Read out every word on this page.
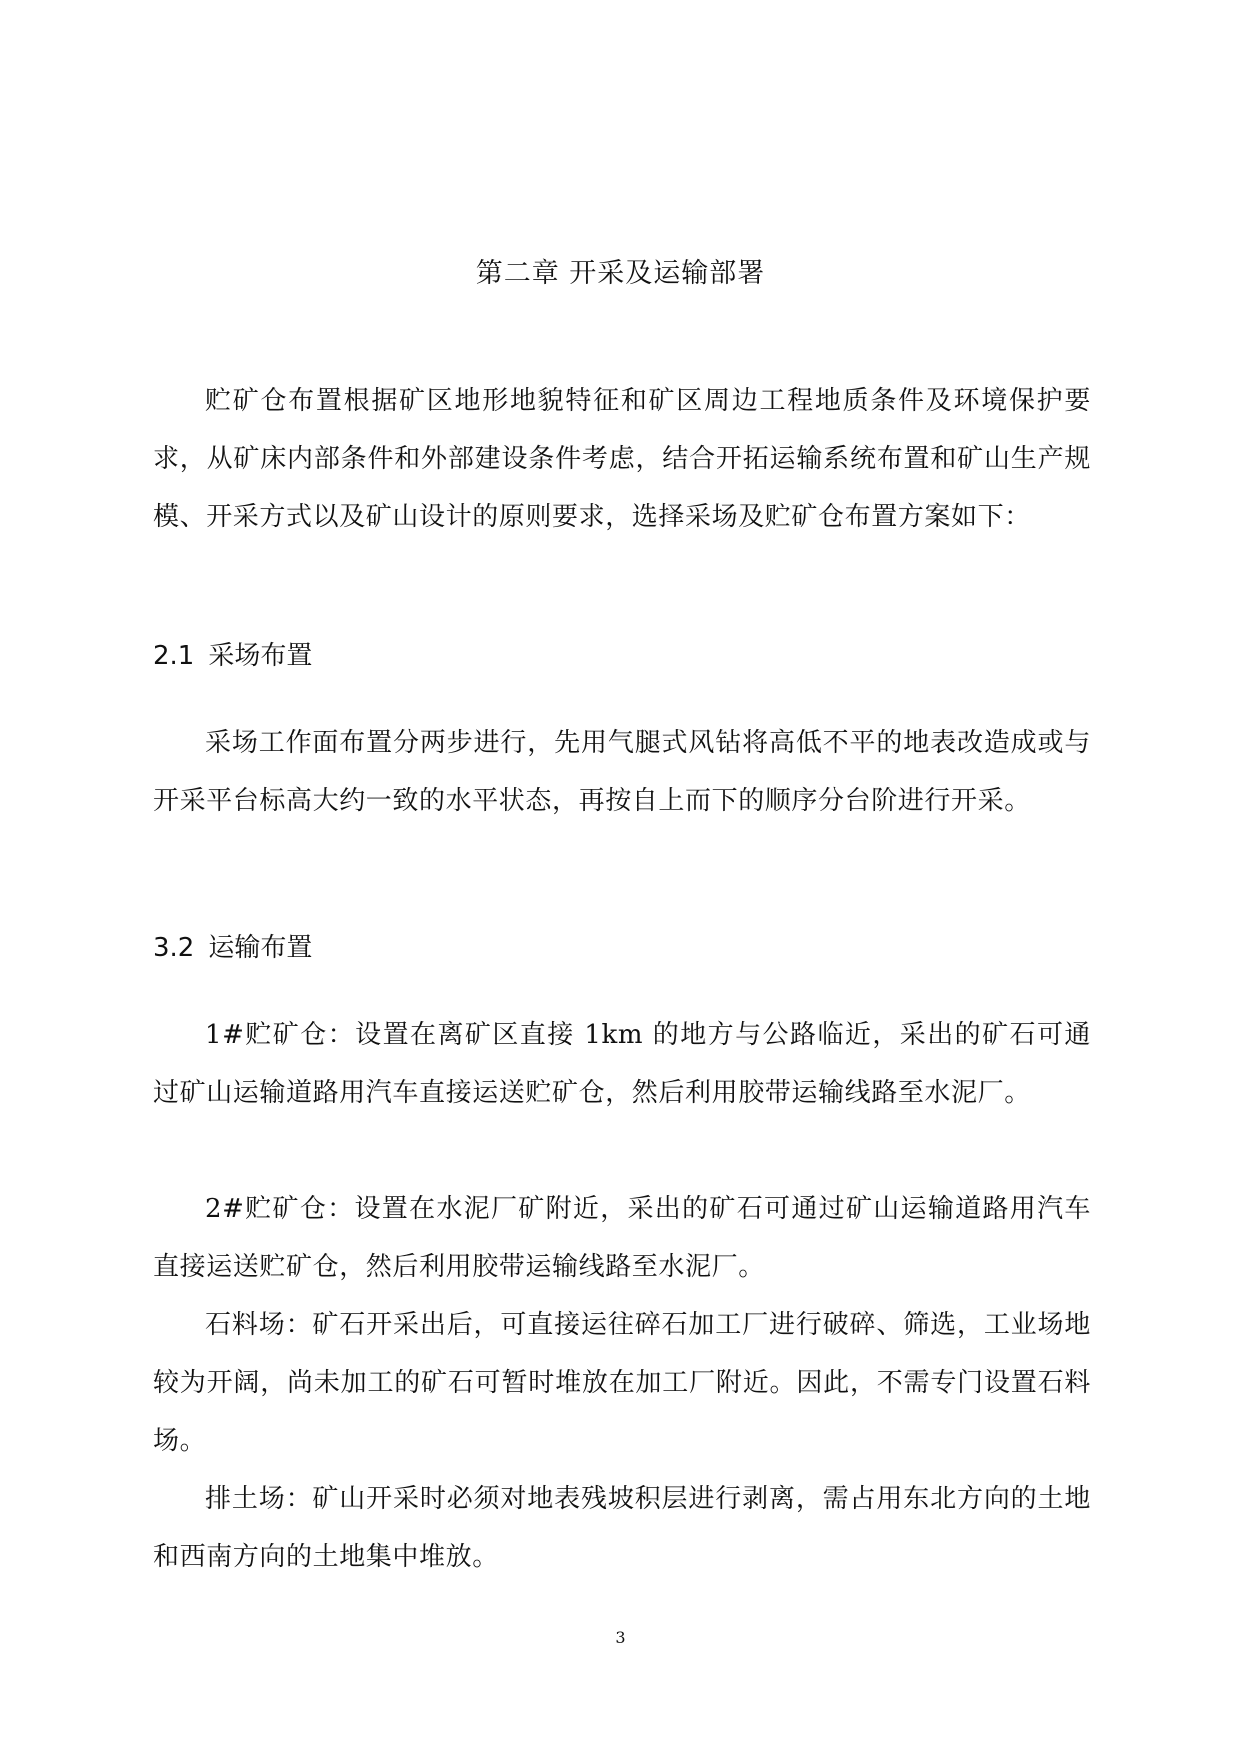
第二章 开采及运输部署

贮矿仓布置根据矿区地形地貌特征和矿区周边工程地质条件及环境保护要求，从矿床内部条件和外部建设条件考虑，结合开拓运输系统布置和矿山生产规模、开采方式以及矿山设计的原则要求，选择采场及贮矿仓布置方案如下：

2.1 采场布置

采场工作面布置分两步进行，先用气腿式风钻将高低不平的地表改造成或与开采平台标高大约一致的水平状态，再按自上而下的顺序分台阶进行开采。

3.2 运输布置

1#贮矿仓：设置在离矿区直接 1km 的地方与公路临近，采出的矿石可通过矿山运输道路用汽车直接运送贮矿仓，然后利用胶带运输线路至水泥厂。

2#贮矿仓：设置在水泥厂矿附近，采出的矿石可通过矿山运输道路用汽车直接运送贮矿仓，然后利用胶带运输线路至水泥厂。

石料场：矿石开采出后，可直接运往碎石加工厂进行破碎、筛选，工业场地较为开阔，尚未加工的矿石可暂时堆放在加工厂附近。因此，不需专门设置石料场。

排土场：矿山开采时必须对地表残坡积层进行剥离，需占用东北方向的土地和西南方向的土地集中堆放。

3
